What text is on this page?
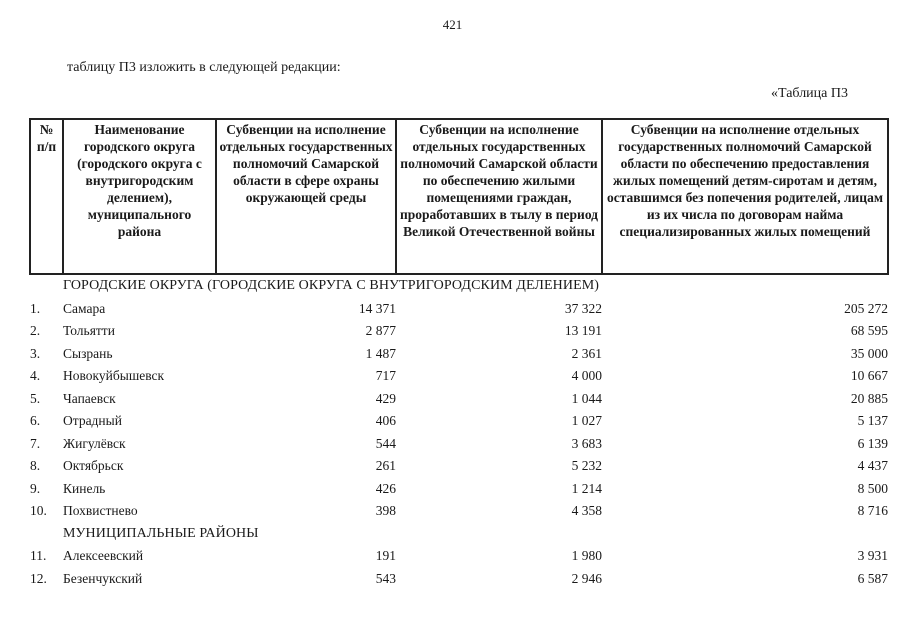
421
таблицу П3 изложить в следующей редакции:
«Таблица П3
№ п/п	Наименование городского округа (городского округа с внутригородским делением), муниципального района	Субвенции на исполнение отдельных государственных полномочий Самарской области в сфере охраны окружающей среды	Субвенции на исполнение отдельных государственных полномочий Самарской области по обеспечению жилыми помещениями граждан, проработавших в тылу в период Великой Отечественной войны	Субвенции на исполнение отдельных государственных полномочий Самарской области по обеспечению предоставления жилых помещений детям-сиротам и детям, оставшимся без попечения родителей, лицам из их числа по договорам найма специализированных жилых помещений
	ГОРОДСКИЕ ОКРУГА (ГОРОДСКИЕ ОКРУГА С ВНУТРИГОРОДСКИМ ДЕЛЕНИЕМ)			
1.	Самара	14 371	37 322	205 272
2.	Тольятти	2 877	13 191	68 595
3.	Сызрань	1 487	2 361	35 000
4.	Новокуйбышевск	717	4 000	10 667
5.	Чапаевск	429	1 044	20 885
6.	Отрадный	406	1 027	5 137
7.	Жигулёвск	544	3 683	6 139
8.	Октябрьск	261	5 232	4 437
9.	Кинель	426	1 214	8 500
10.	Похвистнево	398	4 358	8 716
	МУНИЦИПАЛЬНЫЕ РАЙОНЫ			
11.	Алексеевский	191	1 980	3 931
12.	Безенчукский	543	2 946	6 587
